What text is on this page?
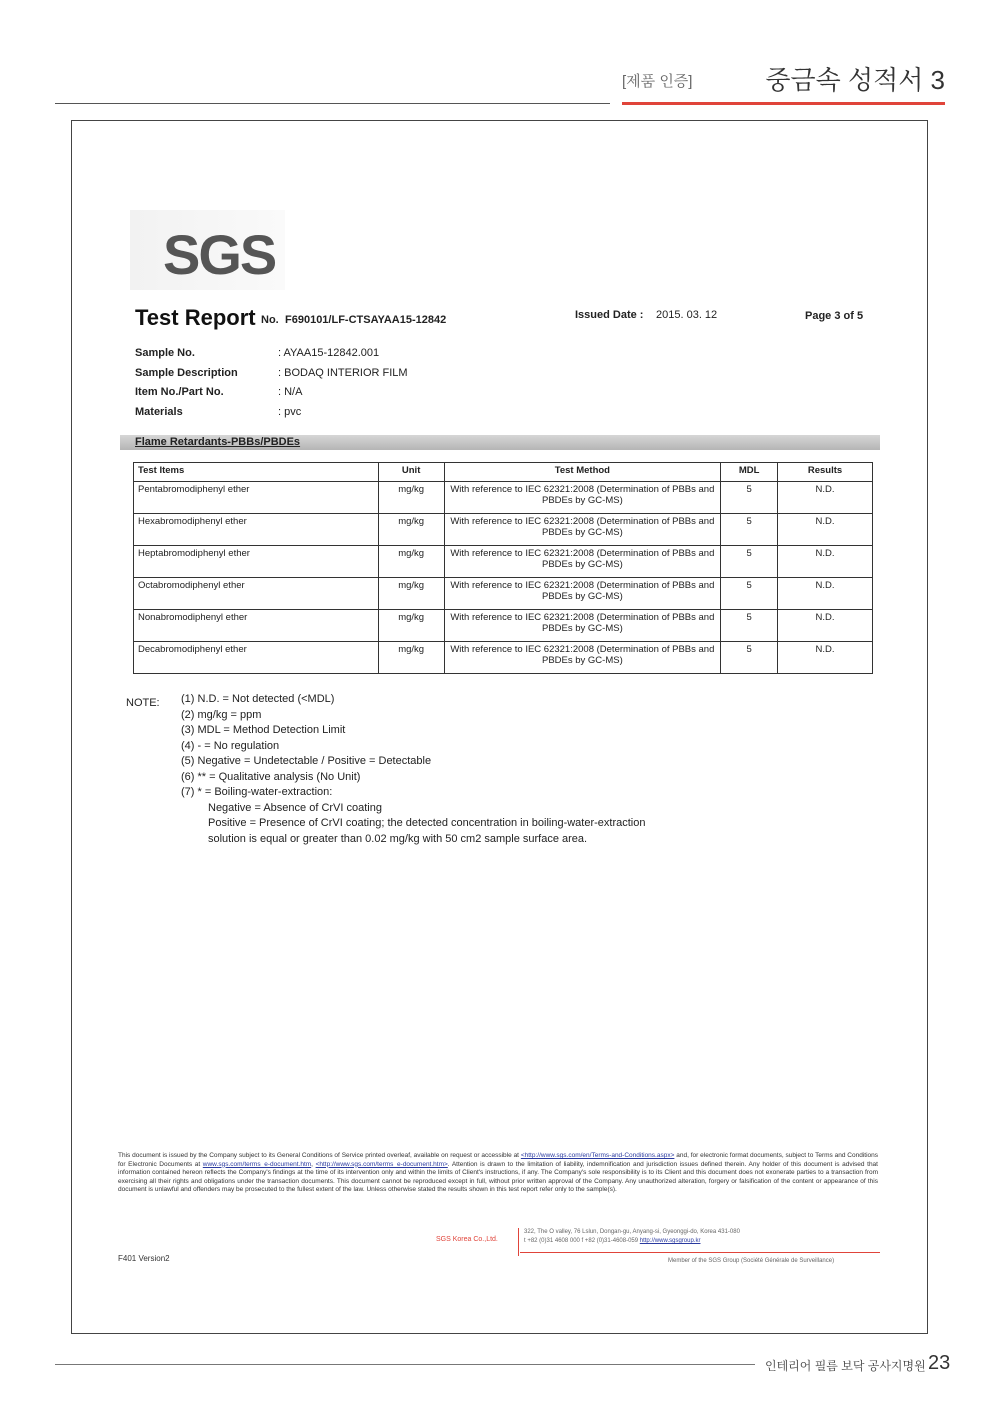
[제품 인증]	중금속 성적서 3
SGS
Test Report No. F690101/LF-CTSAYAA15-12842	Issued Date : 2015. 03. 12	Page 3 of 5
Sample No.	: AYAA15-12842.001
Sample Description	: BODAQ INTERIOR FILM
Item No./Part No.	: N/A
Materials	: pvc
Flame Retardants-PBBs/PBDEs
Test Items	Unit	Test Method	MDL	Results
Pentabromodiphenyl ether	mg/kg	With reference to IEC 62321:2008 (Determination of PBBs and PBDEs by GC-MS)	5	N.D.
Hexabromodiphenyl ether	mg/kg	With reference to IEC 62321:2008 (Determination of PBBs and PBDEs by GC-MS)	5	N.D.
Heptabromodiphenyl ether	mg/kg	With reference to IEC 62321:2008 (Determination of PBBs and PBDEs by GC-MS)	5	N.D.
Octabromodiphenyl ether	mg/kg	With reference to IEC 62321:2008 (Determination of PBBs and PBDEs by GC-MS)	5	N.D.
Nonabromodiphenyl ether	mg/kg	With reference to IEC 62321:2008 (Determination of PBBs and PBDEs by GC-MS)	5	N.D.
Decabromodiphenyl ether	mg/kg	With reference to IEC 62321:2008 (Determination of PBBs and PBDEs by GC-MS)	5	N.D.
NOTE: (1) N.D. = Not detected (<MDL)
(2) mg/kg = ppm
(3) MDL = Method Detection Limit
(4) - = No regulation
(5) Negative = Undetectable / Positive = Detectable
(6) ** = Qualitative analysis (No Unit)
(7) * = Boiling-water-extraction:
Negative = Absence of CrVI coating
Positive = Presence of CrVI coating; the detected concentration in boiling-water-extraction
solution is equal or greater than 0.02 mg/kg with 50 cm2 sample surface area.
This document is issued by the Company subject to its General Conditions of Service printed overleaf, available on request or accessible at <http://www.sgs.com/en/Terms-and-Conditions.aspx> and, for electronic format documents, subject to Terms and Conditions for Electronic Documents at www.sgs.com/terms_e-document.htm, <http://www.sgs.com/terms_e-document.htm>. Attention is drawn to the limitation of liability, indemnification and jurisdiction issues defined therein. Any holder of this document is advised that information contained hereon reflects the Company's findings at the time of its intervention only and within the limits of Client's instructions, if any. The Company's sole responsibility is to its Client and this document does not exonerate parties to a transaction from exercising all their rights and obligations under the transaction documents. This document cannot be reproduced except in full, without prior written approval of the Company. Any unauthorized alteration, forgery or falsification of the content or appearance of this document is unlawful and offenders may be prosecuted to the fullest extent of the law. Unless otherwise stated the results shown in this test report refer only to the sample(s).
SGS Korea Co.,Ltd.
322, The O valley, 76 Lslun, Dongan-gu, Anyang-si, Gyeonggi-do, Korea 431-080
t +82 (0)31 4608 000 f +82 (0)31-4608-059 http://www.sgsgroup.kr
F401 Version2	Member of the SGS Group (Société Générale de Surveillance)
인테리어 필름 보닥 공사지명원 23
